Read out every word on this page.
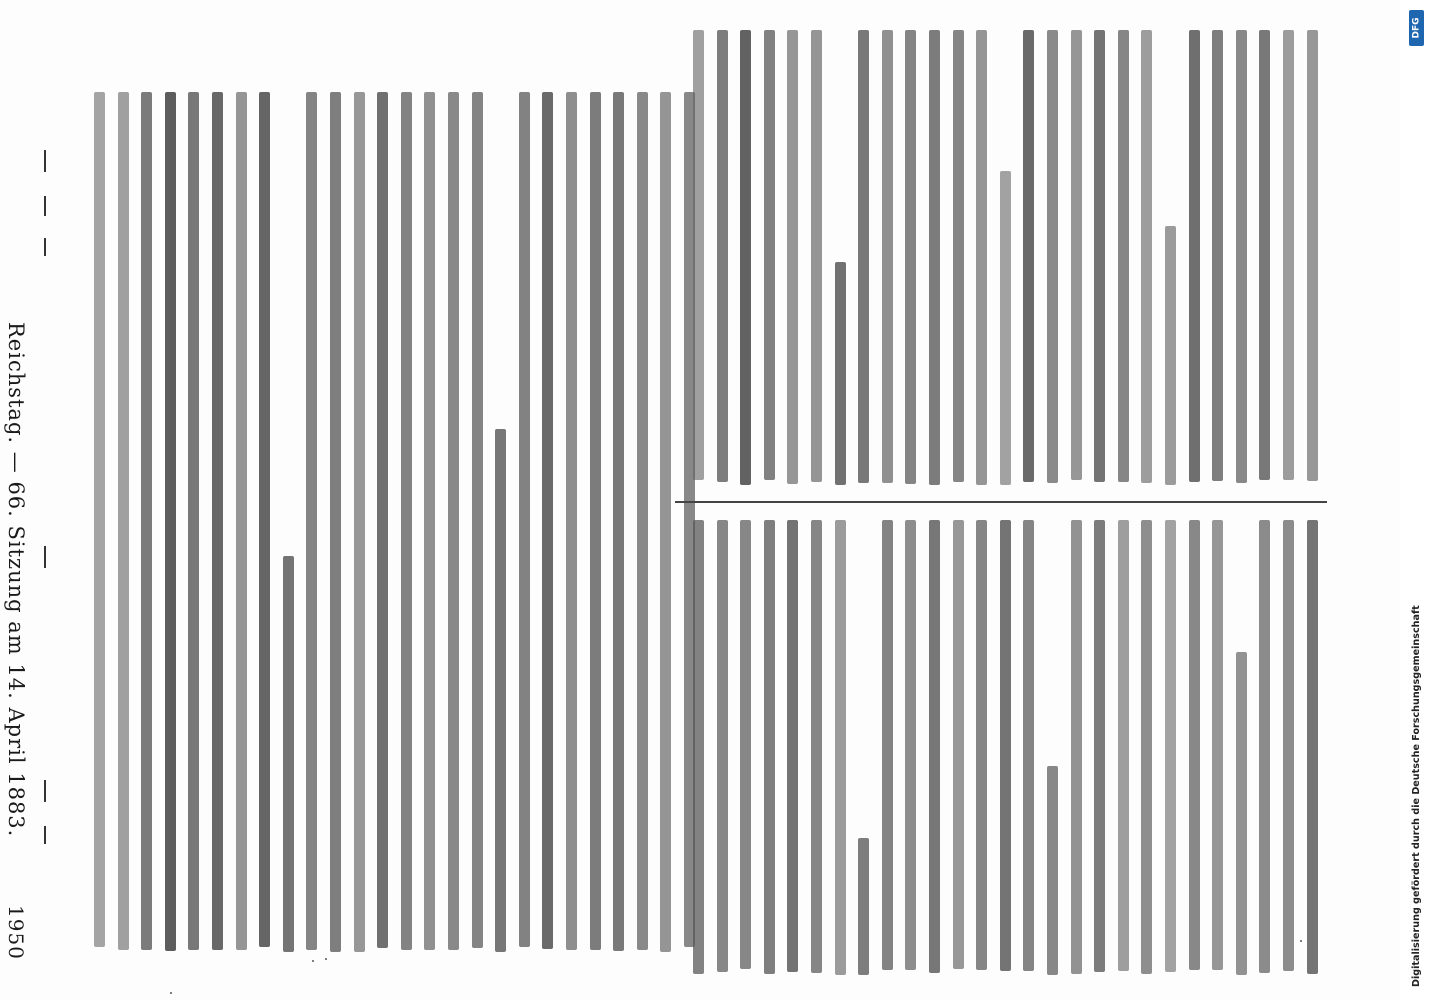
1950
Reichstag. — 66. Sitzung am 14. April 1883.
DFG
Digitalisierung gefördert durch die Deutsche Forschungsgemeinschaft
